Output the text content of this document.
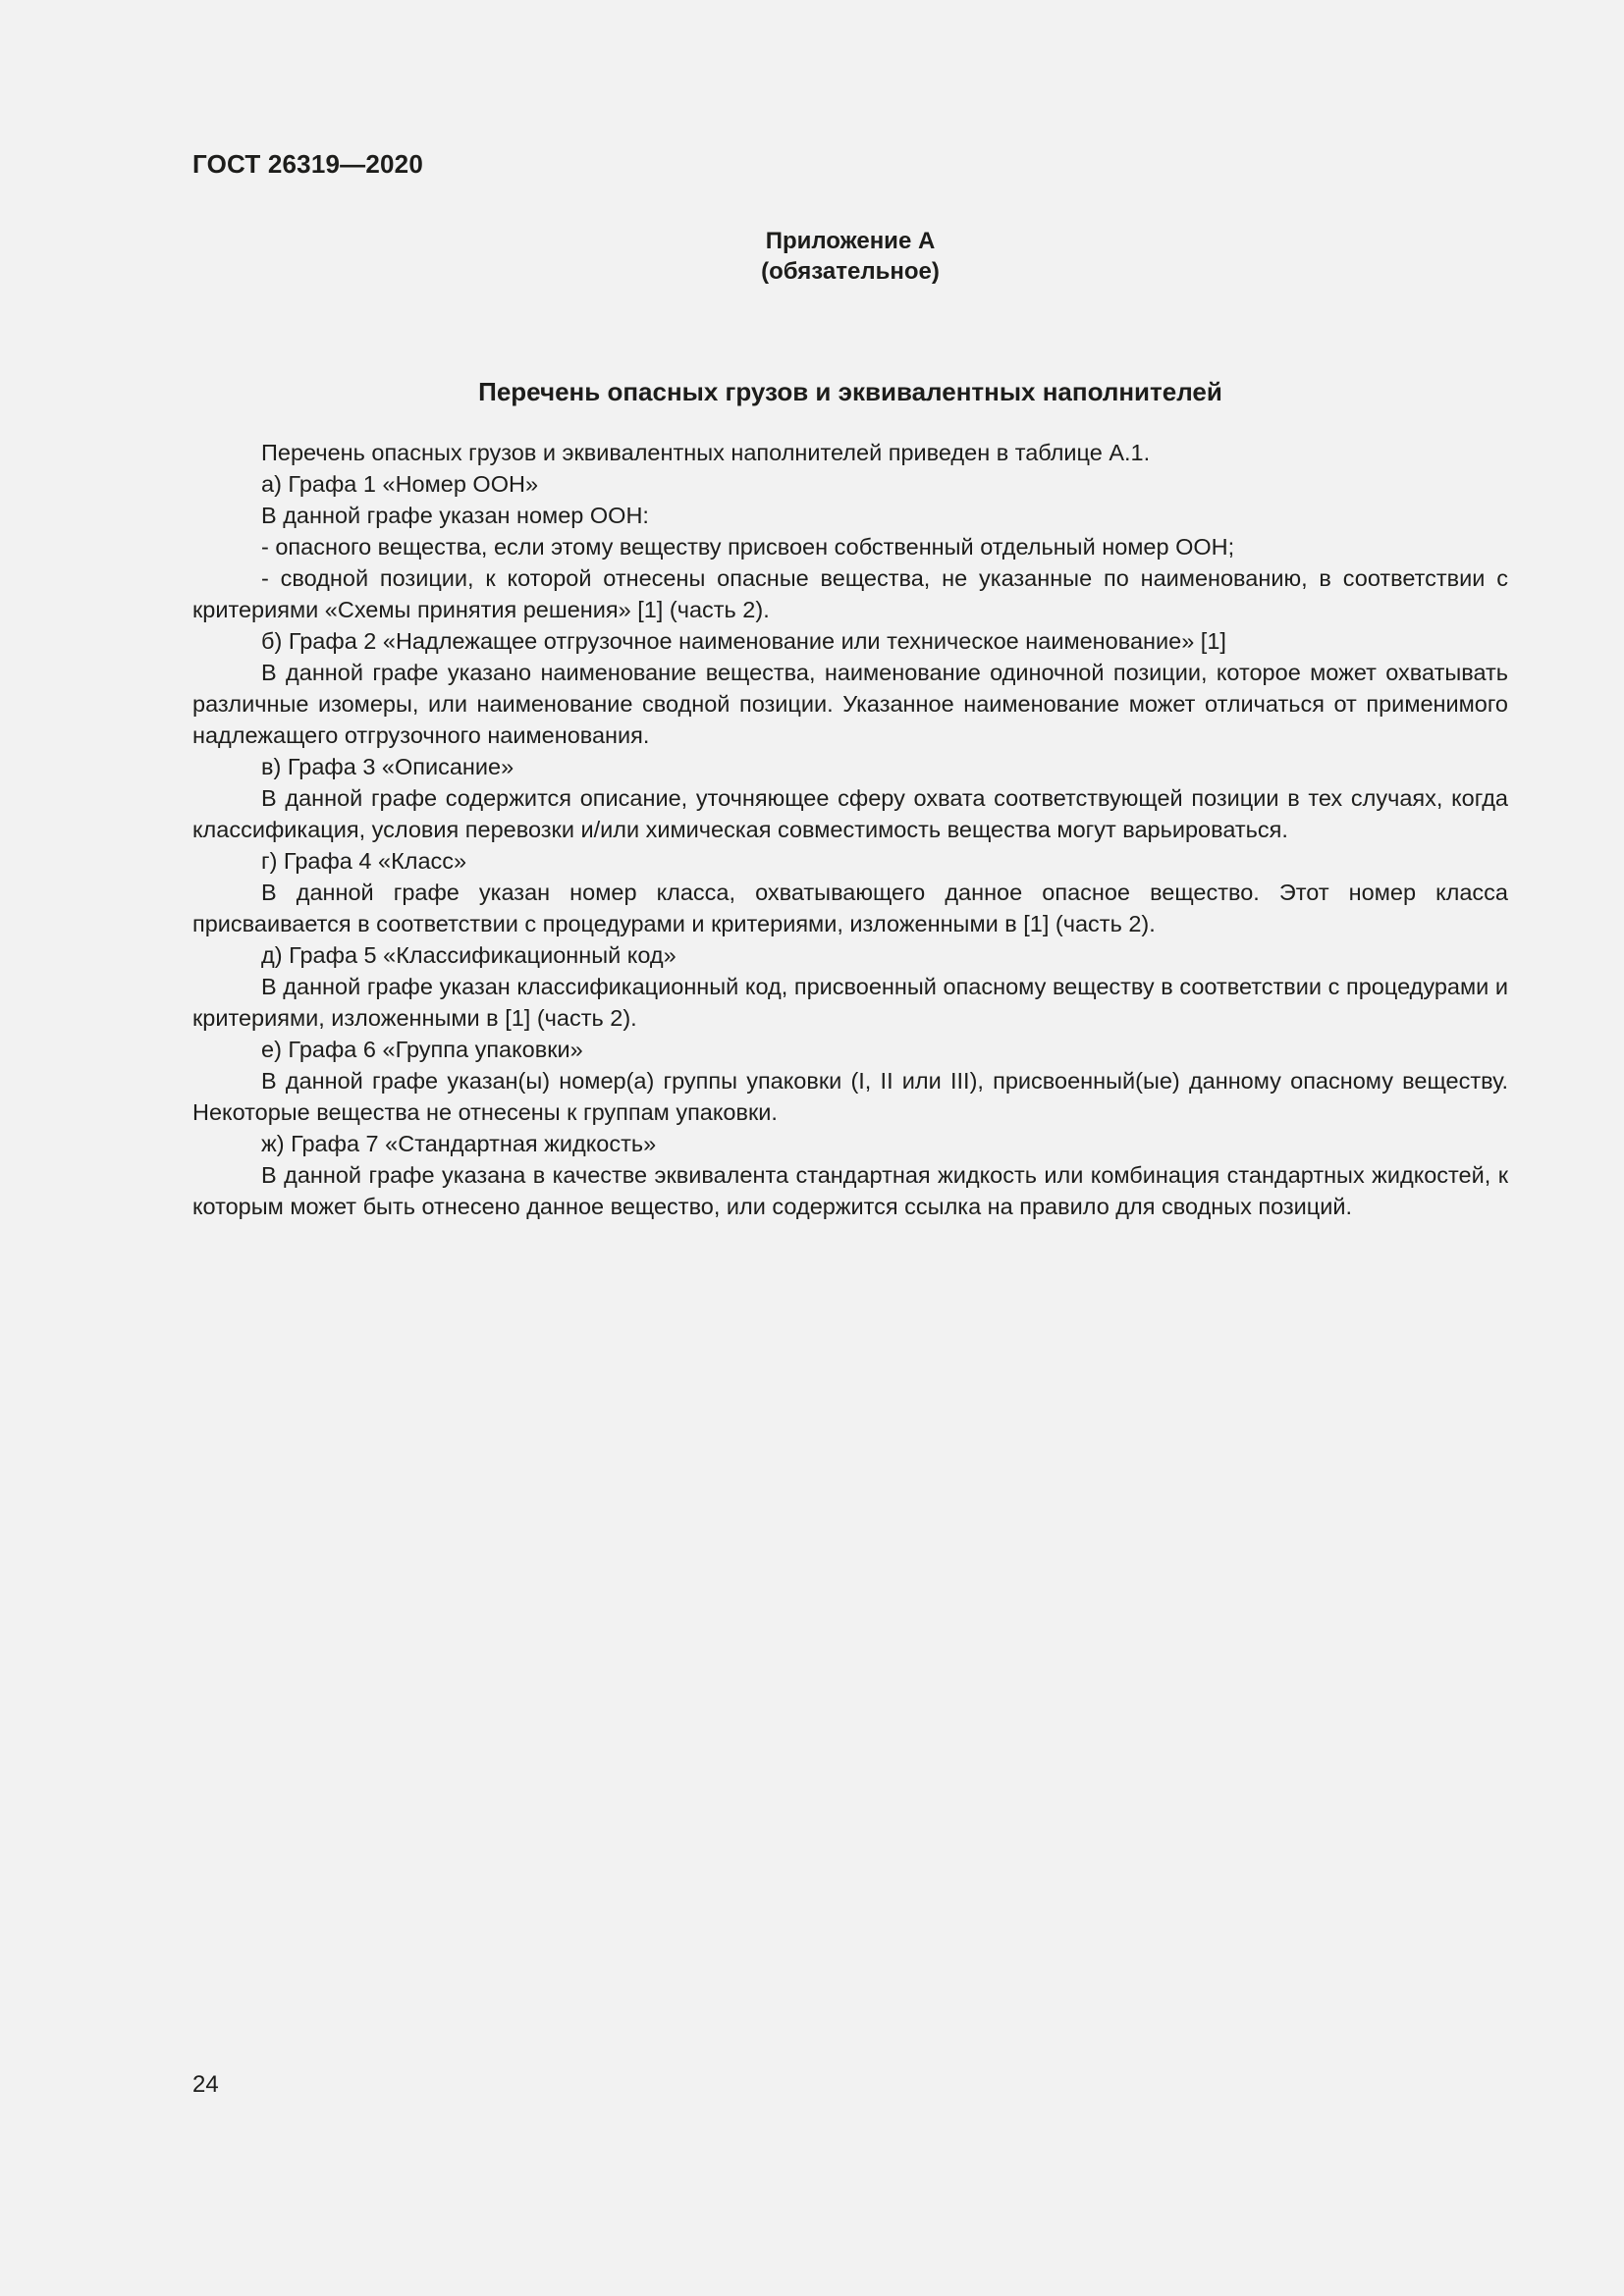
ГОСТ 26319—2020
Приложение А
(обязательное)
Перечень опасных грузов и эквивалентных наполнителей

Перечень опасных грузов и эквивалентных наполнителей приведен в таблице А.1.

а) Графа 1 «Номер ООН»

В данной графе указан номер ООН:

- опасного вещества, если этому веществу присвоен собственный отдельный номер ООН;

- сводной позиции, к которой отнесены опасные вещества, не указанные по наименованию, в соответствии с критериями «Схемы принятия решения» [1] (часть 2).

б) Графа 2 «Надлежащее отгрузочное наименование или техническое наименование» [1]

В данной графе указано наименование вещества, наименование одиночной позиции, которое может охватывать различные изомеры, или наименование сводной позиции. Указанное наименование может отличаться от применимого надлежащего отгрузочного наименования.

в) Графа 3 «Описание»

В данной графе содержится описание, уточняющее сферу охвата соответствующей позиции в тех случаях, когда классификация, условия перевозки и/или химическая совместимость вещества могут варьироваться.

г) Графа 4 «Класс»

В данной графе указан номер класса, охватывающего данное опасное вещество. Этот номер класса присваивается в соответствии с процедурами и критериями, изложенными в [1] (часть 2).

д) Графа 5 «Классификационный код»

В данной графе указан классификационный код, присвоенный опасному веществу в соответствии с процедурами и критериями, изложенными в [1] (часть 2).

е) Графа 6 «Группа упаковки»

В данной графе указан(ы) номер(а) группы упаковки (I, II или III), присвоенный(ые) данному опасному веществу. Некоторые вещества не отнесены к группам упаковки.

ж) Графа 7 «Стандартная жидкость»

В данной графе указана в качестве эквивалента стандартная жидкость или комбинация стандартных жидкостей, к которым может быть отнесено данное вещество, или содержится ссылка на правило для сводных позиций.

24
